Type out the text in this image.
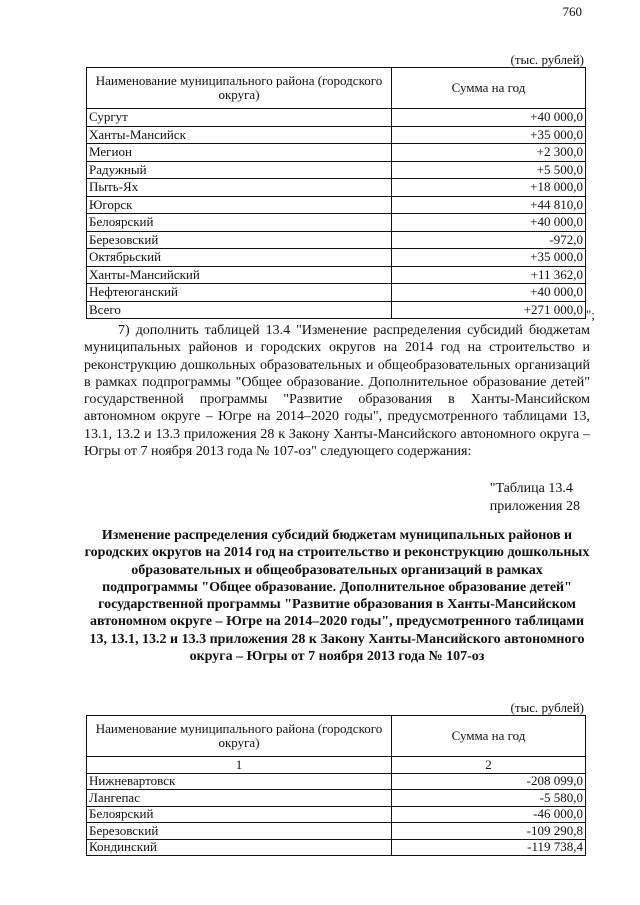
760
(тыс. рублей)
Наименование муниципального района (городского округа)	Сумма на год
Сургут	+40 000,0
Ханты-Мансийск	+35 000,0
Мегион	+2 300,0
Радужный	+5 500,0
Пыть-Ях	+18 000,0
Югорск	+44 810,0
Белоярский	+40 000,0
Березовский	-972,0
Октябрьский	+35 000,0
Ханты-Мансийский	+11 362,0
Нефтеюганский	+40 000,0
Всего	+271 000,0 ";
7) дополнить таблицей 13.4 "Изменение распределения субсидий бюджетам муниципальных районов и городских округов на 2014 год на строительство и реконструкцию дошкольных образовательных и общеобразовательных организаций в рамках подпрограммы "Общее образование. Дополнительное образование детей" государственной программы "Развитие образования в Ханты-Мансийском автономном округе – Югре на 2014–2020 годы", предусмотренного таблицами 13, 13.1, 13.2 и 13.3 приложения 28 к Закону Ханты-Мансийского автономного округа – Югры от 7 ноября 2013 года № 107-оз" следующего содержания:
"Таблица 13.4
приложения 28
Изменение распределения субсидий бюджетам муниципальных районов и городских округов на 2014 год на строительство и реконструкцию дошкольных образовательных и общеобразовательных организаций в рамках подпрограммы "Общее образование. Дополнительное образование детей" государственной программы "Развитие образования в Ханты-Мансийском автономном округе – Югре на 2014–2020 годы", предусмотренного таблицами 13, 13.1, 13.2 и 13.3 приложения 28 к Закону Ханты-Мансийского автономного округа – Югры от 7 ноября 2013 года № 107-оз
(тыс. рублей)
Наименование муниципального района (городского округа)	Сумма на год
1	2
Нижневартовск	-208 099,0
Лангепас	-5 580,0
Белоярский	-46 000,0
Березовский	-109 290,8
Кондинский	-119 738,4
